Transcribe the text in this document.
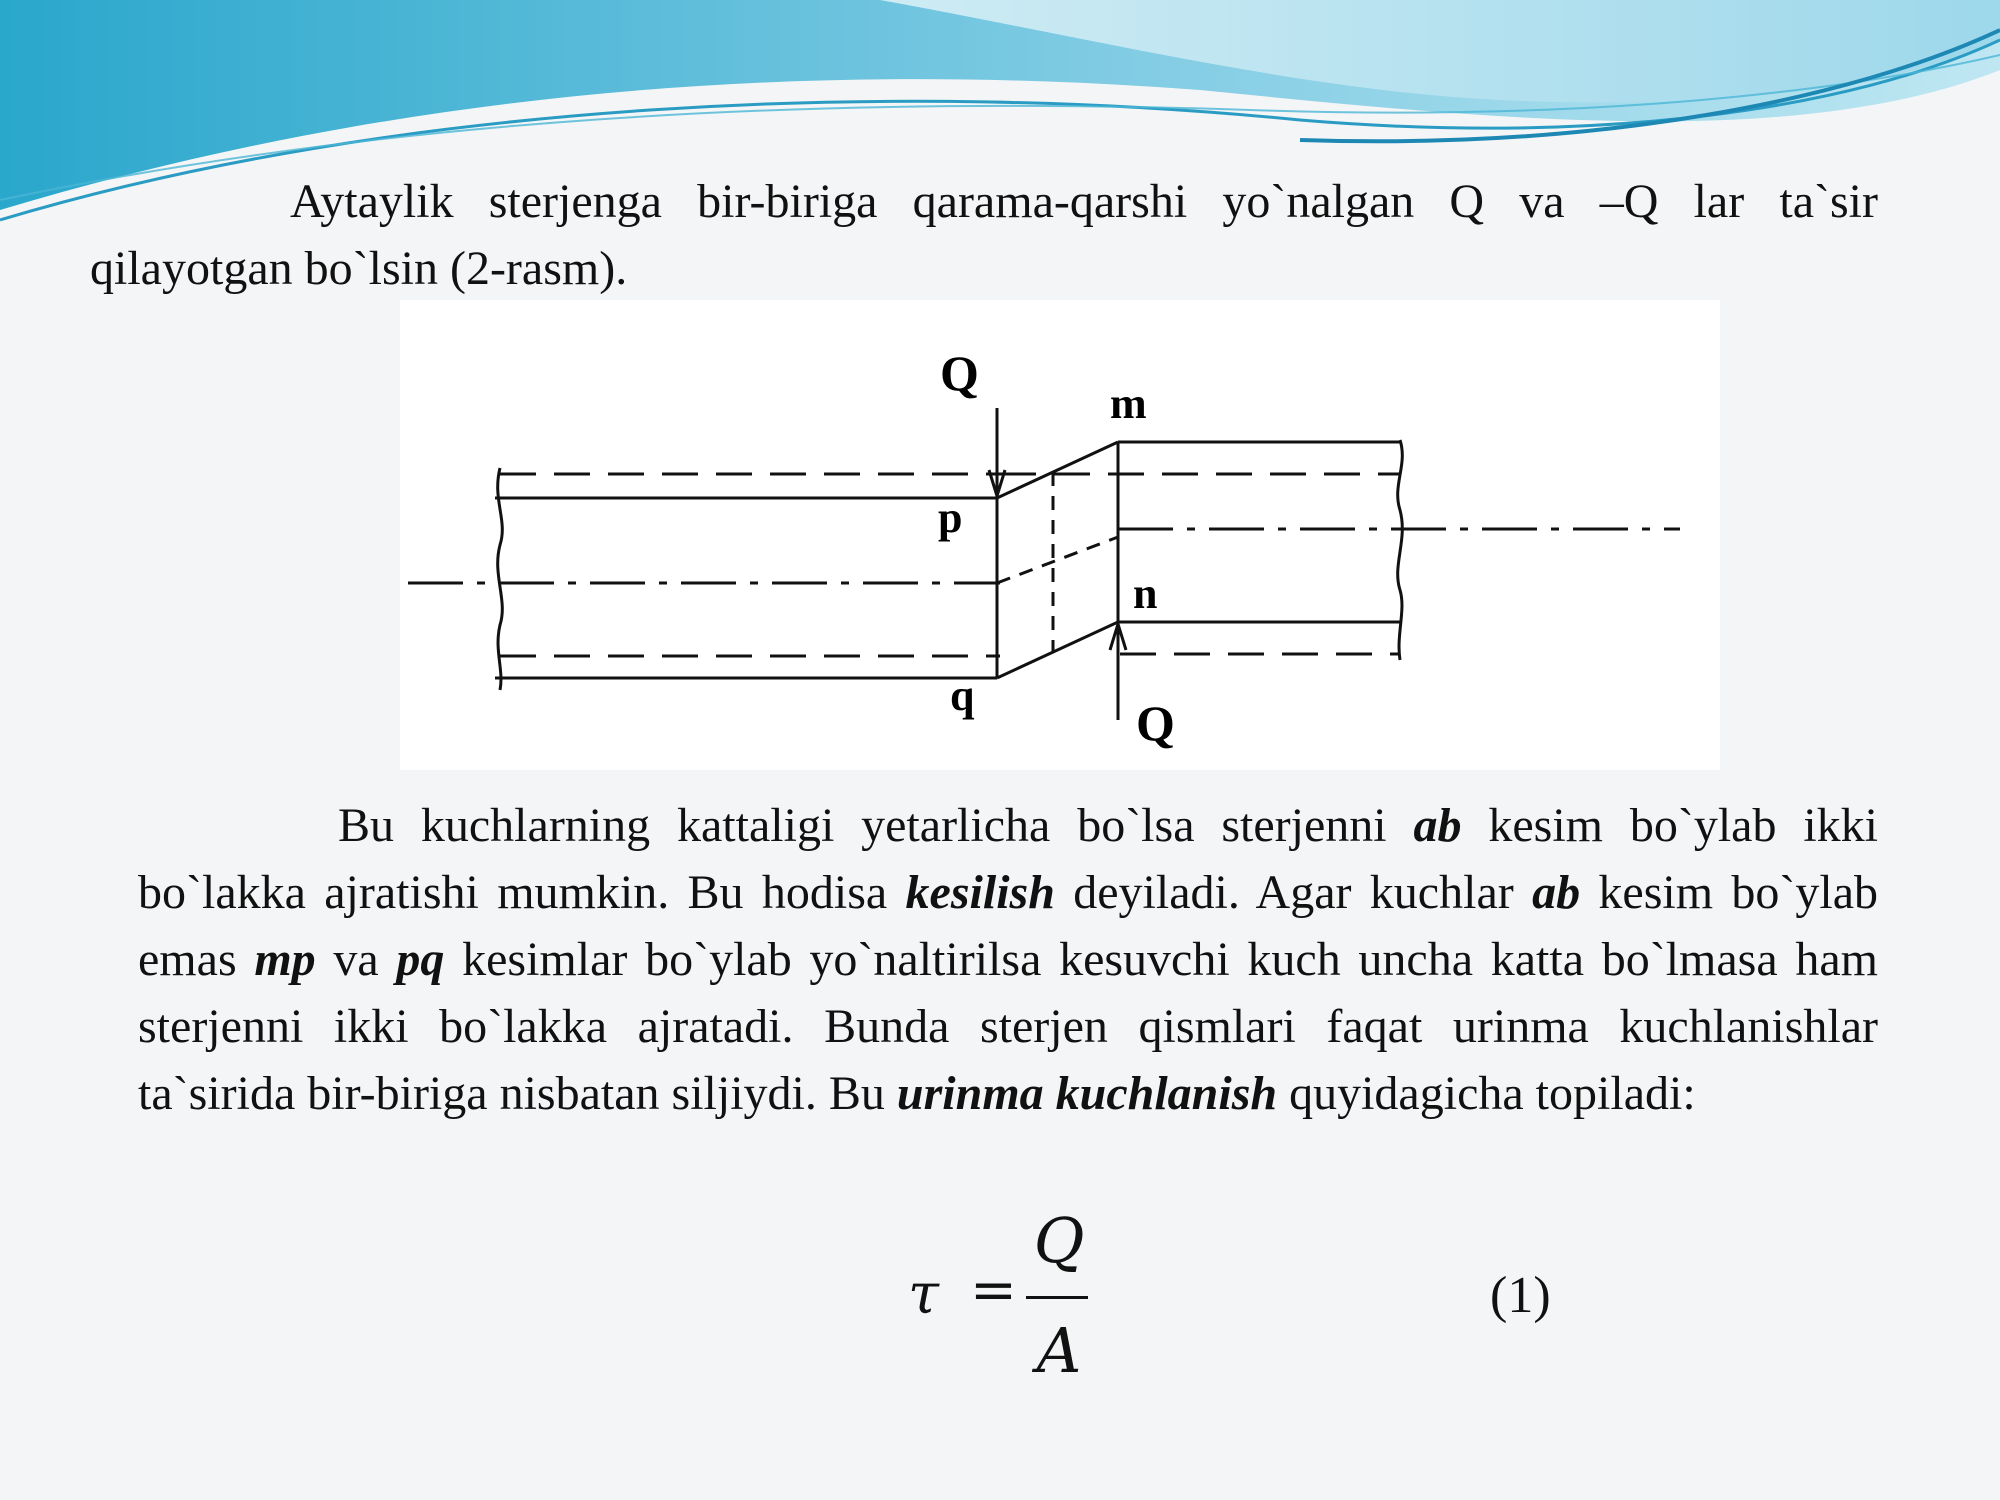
Aytaylik sterjenga bir-biriga qarama-qarshi yo`nalgan Q va –Q lar ta`sir qilayotgan bo`lsin (2-rasm).

Q
m
p
n
q	Q

Bu kuchlarning kattaligi yetarlicha bo`lsa sterjenni ab kesim bo`ylab ikki bo`lakka ajratishi mumkin. Bu hodisa kesilish deyiladi. Agar kuchlar ab kesim bo`ylab emas mp va pq kesimlar bo`ylab yo`naltirilsa kesuvchi kuch uncha katta bo`lmasa ham sterjenni ikki bo`lakka ajratadi. Bunda sterjen qismlari faqat urinma kuchlanishlar ta`sirida bir-biriga nisbatan siljiydi. Bu urinma kuchlanish quyidagicha topiladi:

τ =
Q
A
(1)
